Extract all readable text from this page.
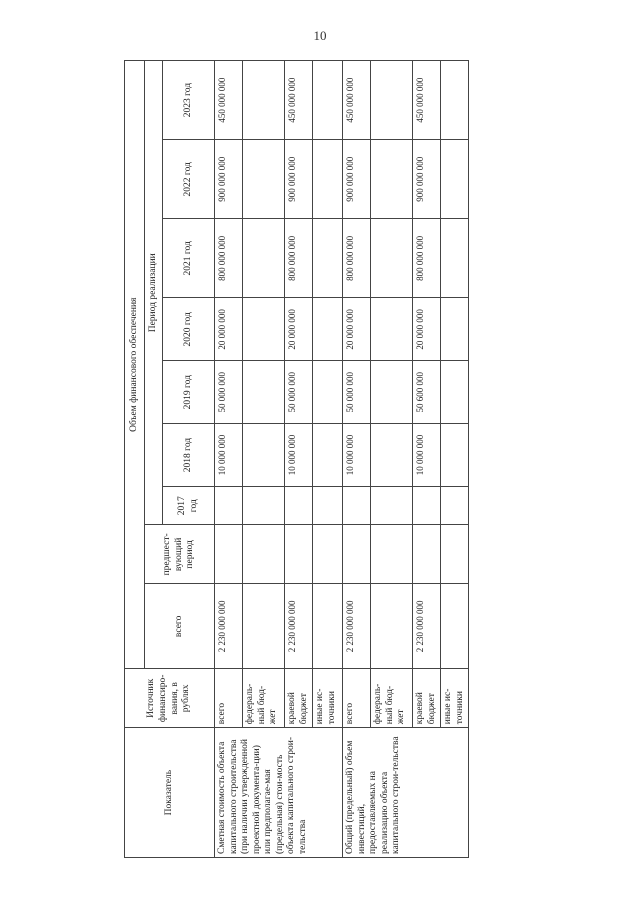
10
Показатель	Источник финансиро-вания, в рублях	Объем финансового обеспечения								
		всего	предшест-вующий период	Период реализации						
				2017 год	2018 год	2019 год	2020 год	2021 год	2022 год	2023 год
Сметная стоимость объекта капитального строительства (при наличии утвержденной проектной документа-ции) или предполагае-мая (предельная) стои-мость объекта капитального строи-тельства	всего	2 230 000 000			10 000 000	50 000 000	20 000 000	800 000 000	900 000 000	450 000 000
	федераль-ный бюд-жет									
	краевой бюджет	2 230 000 000			10 000 000	50 000 000	20 000 000	800 000 000	900 000 000	450 000 000
	иные ис-точники									
Общий (предельный) объем инвестиций, предоставляемых на реализацию объекта капитального строи-тельства	всего	2 230 000 000			10 000 000	50 000 000	20 000 000	800 000 000	900 000 000	450 000 000
	федераль-ный бюд-жет									
	краевой бюджет	2 230 000 000			10 000 000	50 600 000	20 000 000	800 000 000	900 000 000	450 000 000
	иные ис-точники									
